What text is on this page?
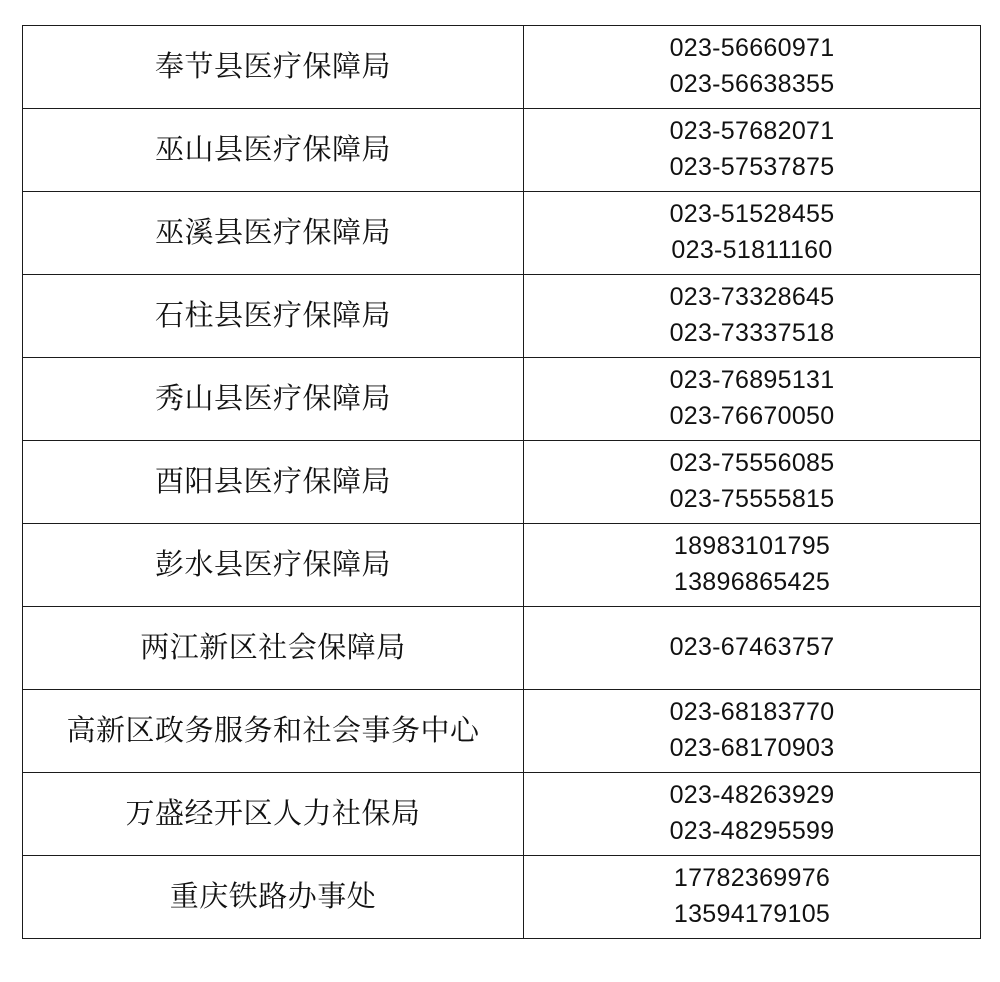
奉节县医疗保障局	023-56660971
023-56638355

巫山县医疗保障局	023-57682071
023-57537875

巫溪县医疗保障局	023-51528455
023-51811160

石柱县医疗保障局	023-73328645
023-73337518

秀山县医疗保障局	023-76895131
023-76670050

酉阳县医疗保障局	023-75556085
023-75555815

彭水县医疗保障局	18983101795
13896865425

两江新区社会保障局	023-67463757

高新区政务服务和社会事务中心	023-68183770
023-68170903

万盛经开区人力社保局	023-48263929
023-48295599

重庆铁路办事处	17782369976
13594179105
